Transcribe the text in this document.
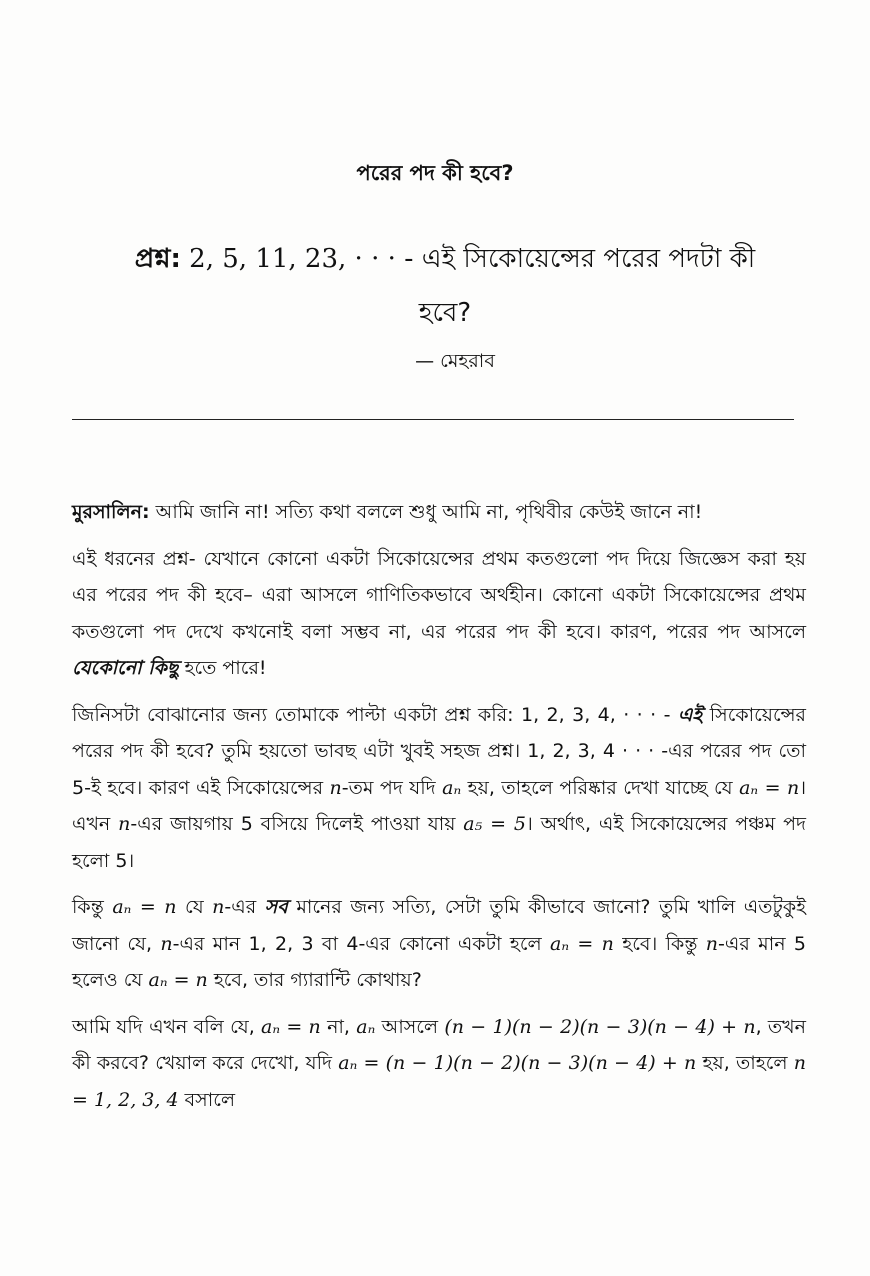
পরের পদ কী হবে?
প্রশ্ন: 2, 5, 11, 23, · · · - এই সিকোয়েন্সের পরের পদটা কী হবে?
— মেহরাব

মুরসালিন: আমি জানি না! সত্যি কথা বললে শুধু আমি না, পৃথিবীর কেউই জানে না!

এই ধরনের প্রশ্ন- যেখানে কোনো একটা সিকোয়েন্সের প্রথম কতগুলো পদ দিয়ে জিজ্ঞেস করা হয় এর পরের পদ কী হবে– এরা আসলে গাণিতিকভাবে অর্থহীন। কোনো একটা সিকোয়েন্সের প্রথম কতগুলো পদ দেখে কখনোই বলা সম্ভব না, এর পরের পদ কী হবে। কারণ, পরের পদ আসলে যেকোনো কিছু হতে পারে!

জিনিসটা বোঝানোর জন্য তোমাকে পাল্টা একটা প্রশ্ন করি: 1, 2, 3, 4, · · · - এই সিকোয়েন্সের পরের পদ কী হবে? তুমি হয়তো ভাবছ এটা খুবই সহজ প্রশ্ন। 1, 2, 3, 4 · · · -এর পরের পদ তো 5-ই হবে। কারণ এই সিকোয়েন্সের n-তম পদ যদি aₙ হয়, তাহলে পরিষ্কার দেখা যাচ্ছে যে aₙ = n। এখন n-এর জায়গায় 5 বসিয়ে দিলেই পাওয়া যায় a₅ = 5। অর্থাৎ, এই সিকোয়েন্সের পঞ্চম পদ হলো 5।

কিন্তু aₙ = n যে n-এর সব মানের জন্য সত্যি, সেটা তুমি কীভাবে জানো? তুমি খালি এতটুকুই জানো যে, n-এর মান 1, 2, 3 বা 4-এর কোনো একটা হলে aₙ = n হবে। কিন্তু n-এর মান 5 হলেও যে aₙ = n হবে, তার গ্যারান্টি কোথায়?

আমি যদি এখন বলি যে, aₙ = n না, aₙ আসলে (n − 1)(n − 2)(n − 3)(n − 4) + n, তখন কী করবে? খেয়াল করে দেখো, যদি aₙ = (n − 1)(n − 2)(n − 3)(n − 4) + n হয়, তাহলে n = 1, 2, 3, 4 বসালে
